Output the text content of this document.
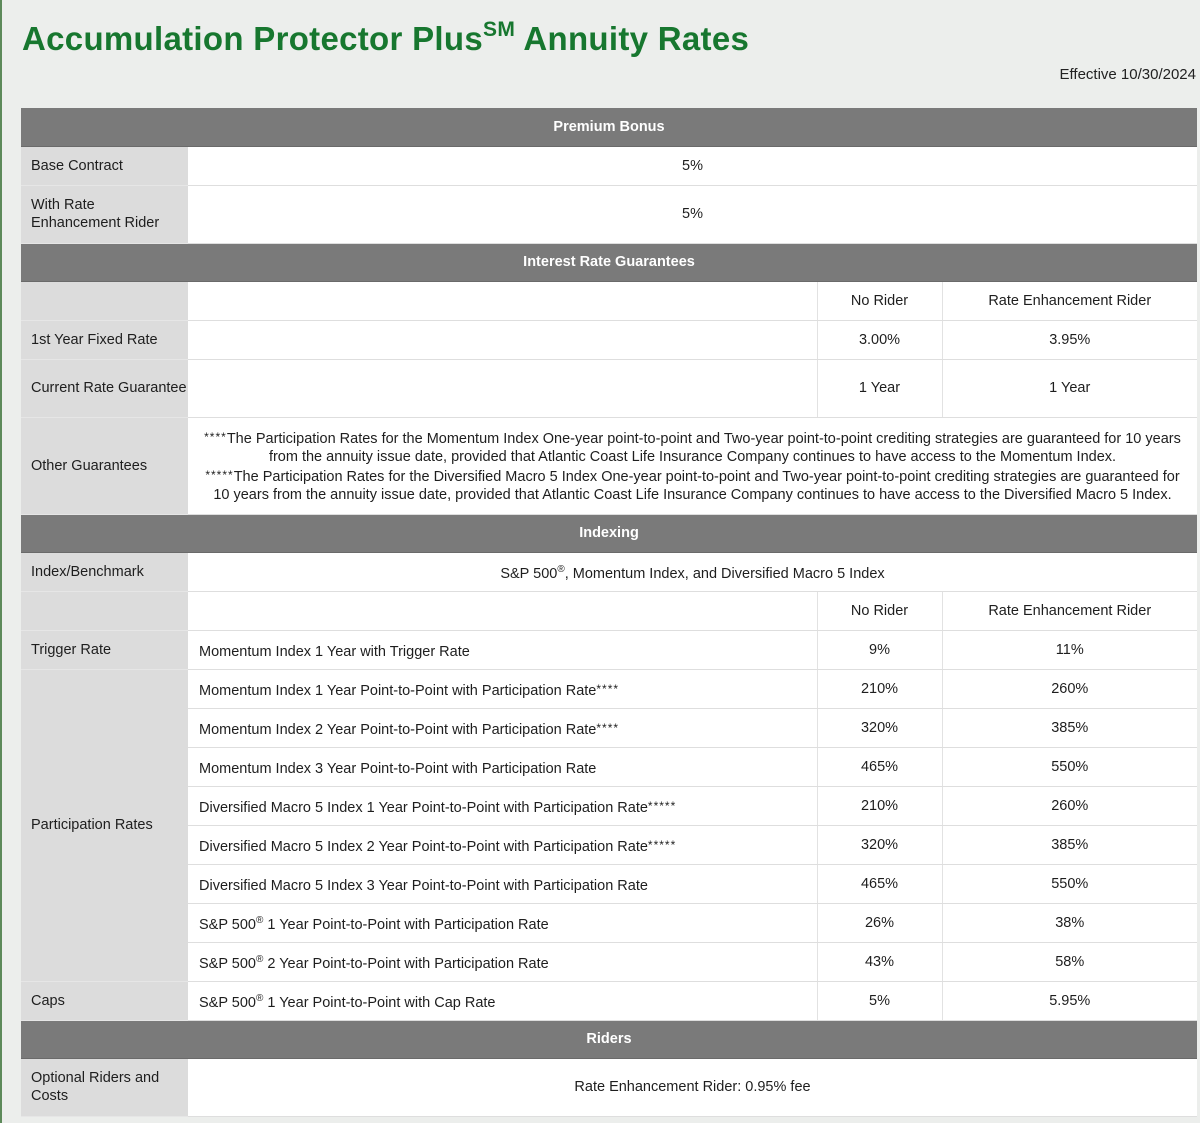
Accumulation Protector Plus℠ Annuity Rates
Effective 10/30/2024
Premium Bonus			
Base Contract	5%		
With Rate Enhancement Rider	5%		
Interest Rate Guarantees			
		No Rider	Rate Enhancement Rider
1st Year Fixed Rate		3.00%	3.95%
Current Rate Guarantee		1 Year	1 Year
Other Guarantees	****The Participation Rates for the Momentum Index One-year point-to-point and Two-year point-to-point crediting strategies are guaranteed for 10 years from the annuity issue date, provided that Atlantic Coast Life Insurance Company continues to have access to the Momentum Index.
*****The Participation Rates for the Diversified Macro 5 Index One-year point-to-point and Two-year point-to-point crediting strategies are guaranteed for 10 years from the annuity issue date, provided that Atlantic Coast Life Insurance Company continues to have access to the Diversified Macro 5 Index.		
Indexing			
Index/Benchmark	S&P 500®, Momentum Index, and Diversified Macro 5 Index		
		No Rider	Rate Enhancement Rider
Trigger Rate	Momentum Index 1 Year with Trigger Rate	9%	11%
Participation Rates	Momentum Index 1 Year Point-to-Point with Participation Rate****	210%	260%
	Momentum Index 2 Year Point-to-Point with Participation Rate****	320%	385%
	Momentum Index 3 Year Point-to-Point with Participation Rate	465%	550%
	Diversified Macro 5 Index 1 Year Point-to-Point with Participation Rate*****	210%	260%
	Diversified Macro 5 Index 2 Year Point-to-Point with Participation Rate*****	320%	385%
	Diversified Macro 5 Index 3 Year Point-to-Point with Participation Rate	465%	550%
	S&P 500® 1 Year Point-to-Point with Participation Rate	26%	38%
	S&P 500® 2 Year Point-to-Point with Participation Rate	43%	58%
Caps	S&P 500® 1 Year Point-to-Point with Cap Rate	5%	5.95%
Riders			
Optional Riders and Costs	Rate Enhancement Rider: 0.95% fee		
